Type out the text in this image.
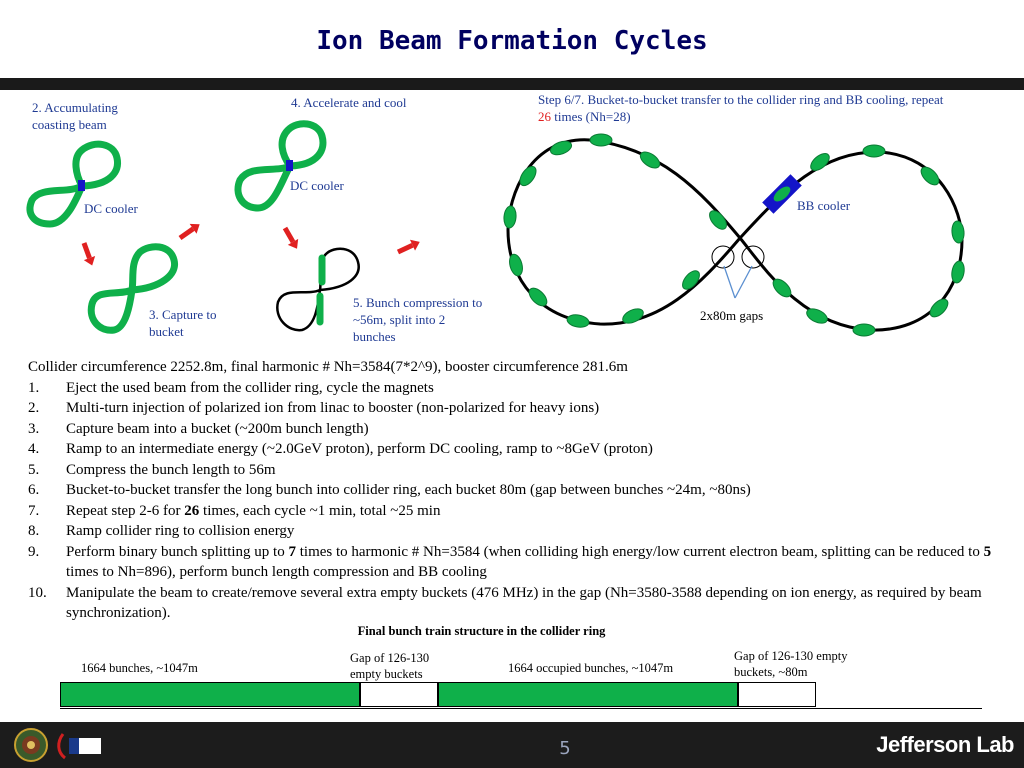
Ion Beam Formation Cycles
2. Accumulating coasting beam
DC cooler
4. Accelerate and cool
DC cooler
3. Capture to bucket
5. Bunch compression to ~56m, split into 2 bunches
Step 6/7. Bucket-to-bucket transfer to the collider ring and BB cooling, repeat 26 times (Nh=28)
BB cooler
2x80m gaps

Collider circumference 2252.8m, final harmonic # Nh=3584(7*2^9), booster circumference 281.6m

1. Eject the used beam from the collider ring, cycle the magnets
2. Multi-turn injection of polarized ion from linac to booster (non-polarized for heavy ions)
3. Capture beam into a bucket (~200m bunch length)
4. Ramp to an intermediate energy (~2.0GeV proton), perform DC cooling, ramp to ~8GeV (proton)
5. Compress the bunch length to 56m
6. Bucket-to-bucket transfer the long bunch into collider ring, each bucket 80m (gap between bunches ~24m, ~80ns)
7. Repeat step 2-6 for 26 times, each cycle ~1 min, total ~25 min
8. Ramp collider ring to collision energy
9. Perform binary bunch splitting up to 7 times to harmonic # Nh=3584 (when colliding high energy/low current electron beam, splitting can be reduced to 5 times to Nh=896), perform bunch length compression and BB cooling
10. Manipulate the beam to create/remove several extra empty buckets (476 MHz) in the gap (Nh=3580-3588 depending on ion energy, as required by beam synchronization).
Final bunch train structure in the collider ring
1664 bunches, ~1047m
Gap of 126-130 empty buckets	1664 occupied bunches, ~1047m
Gap of 126-130 empty buckets, ~80m
5	Jefferson Lab
